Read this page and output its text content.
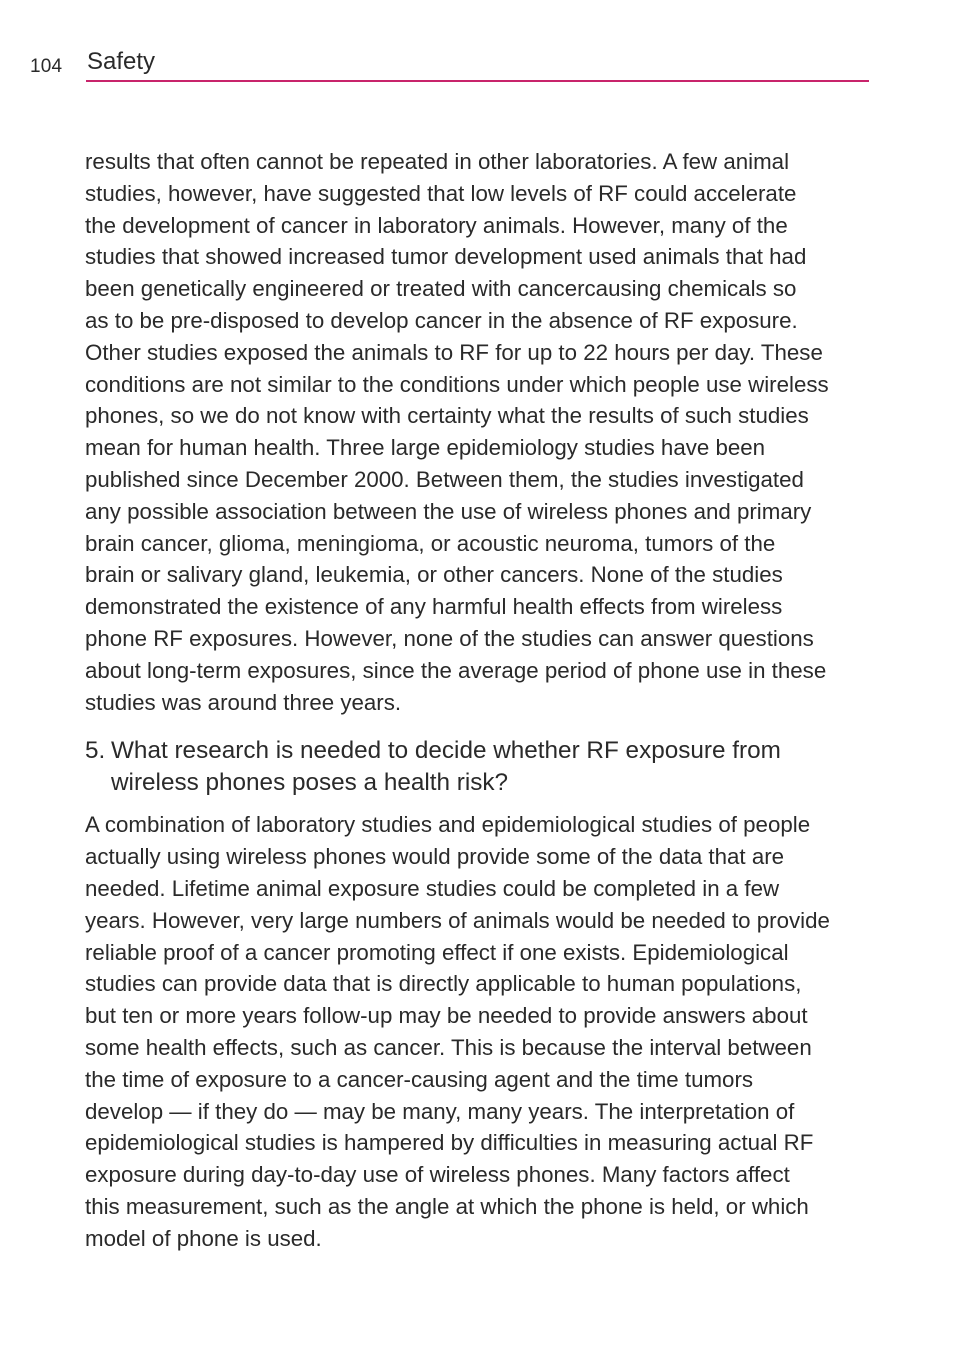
104 Safety

results that often cannot be repeated in other laboratories. A few animal
studies, however, have suggested that low levels of RF could accelerate
the development of cancer in laboratory animals. However, many of the
studies that showed increased tumor development used animals that had
been genetically engineered or treated with cancercausing chemicals so
as to be pre-disposed to develop cancer in the absence of RF exposure.
Other studies exposed the animals to RF for up to 22 hours per day. These
conditions are not similar to the conditions under which people use wireless
phones, so we do not know with certainty what the results of such studies
mean for human health. Three large epidemiology studies have been
published since December 2000. Between them, the studies investigated
any possible association between the use of wireless phones and primary
brain cancer, glioma, meningioma, or acoustic neuroma, tumors of the
brain or salivary gland, leukemia, or other cancers. None of the studies
demonstrated the existence of any harmful health effects from wireless
phone RF exposures. However, none of the studies can answer questions
about long-term exposures, since the average period of phone use in these
studies was around three years.

5. What research is needed to decide whether RF exposure from
wireless phones poses a health risk?

A combination of laboratory studies and epidemiological studies of people
actually using wireless phones would provide some of the data that are
needed. Lifetime animal exposure studies could be completed in a few
years. However, very large numbers of animals would be needed to provide
reliable proof of a cancer promoting effect if one exists. Epidemiological
studies can provide data that is directly applicable to human populations,
but ten or more years follow-up may be needed to provide answers about
some health effects, such as cancer. This is because the interval between
the time of exposure to a cancer-causing agent and the time tumors
develop — if they do — may be many, many years. The interpretation of
epidemiological studies is hampered by difficulties in measuring actual RF
exposure during day-to-day use of wireless phones. Many factors affect
this measurement, such as the angle at which the phone is held, or which
model of phone is used.
